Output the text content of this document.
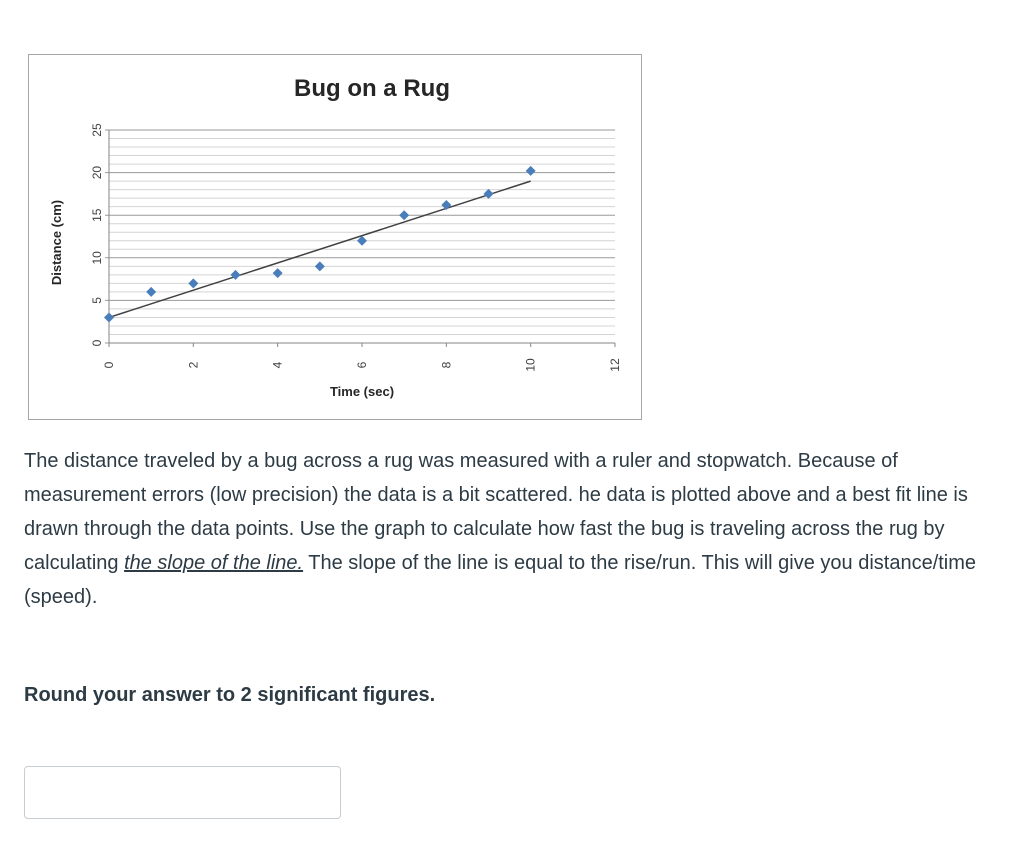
Bug on a Rug
0
5
10
15
20
25
0	2	4	6	8	10	12
Time (sec)
Distance (cm)

The distance traveled by a bug across a rug was measured with a ruler and stopwatch. Because of measurement errors (low precision) the data is a bit scattered. he data is plotted above and a best fit line is drawn through the data points. Use the graph to calculate how fast the bug is traveling across the rug by calculating the slope of the line. The slope of the line is equal to the rise/run. This will give you distance/time (speed).

Round your answer to 2 significant figures.
